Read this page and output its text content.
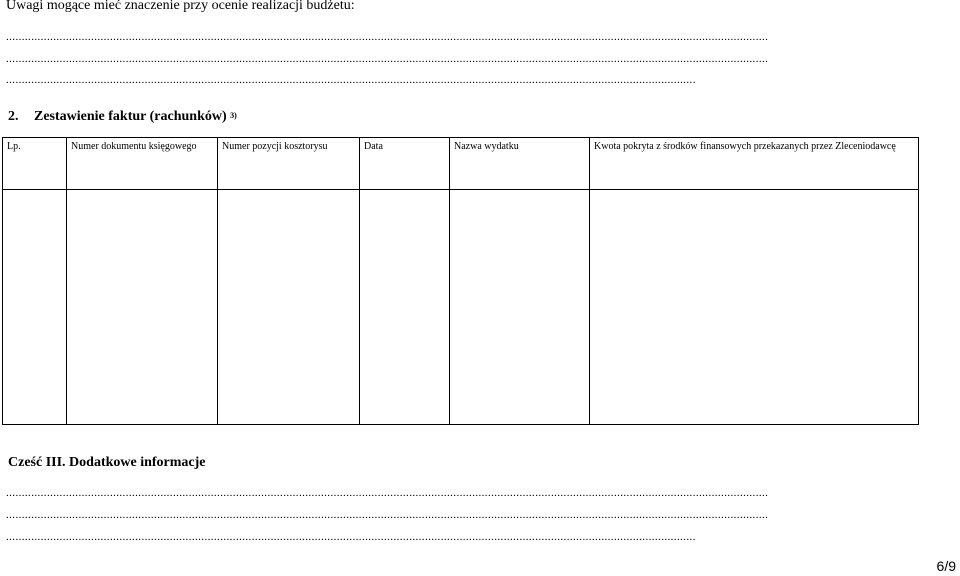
Uwagi mogące mieć znaczenie przy ocenie realizacji budżetu:
..................................................................................................................................................................................................................................................
..................................................................................................................................................................................................................................................
...........................................................................................................................................................................................................................
2. Zestawienie faktur (rachunków) $^{3)}$
Lp.	Numer dokumentu księgowego	Numer pozycji kosztorysu	Data	Nazwa wydatku	Kwota pokryta z środków finansowych przekazanych przez Zleceniodawcę

Cześć III. Dodatkowe informacje
..................................................................................................................................................................................................................................................
..................................................................................................................................................................................................................................................
...........................................................................................................................................................................................................................
6/9
